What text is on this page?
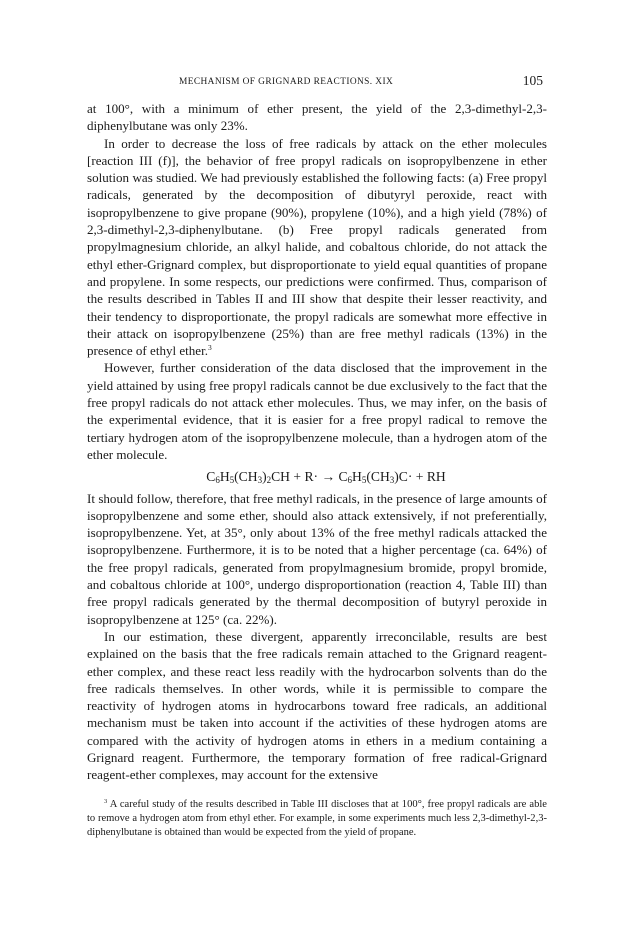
MECHANISM OF GRIGNARD REACTIONS. XIX	105

at 100°, with a minimum of ether present, the yield of the 2,3-dimethyl-2,3-diphenylbutane was only 23%.

In order to decrease the loss of free radicals by attack on the ether molecules [reaction III (f)], the behavior of free propyl radicals on isopropylbenzene in ether solution was studied. We had previously established the following facts: (a) Free propyl radicals, generated by the decomposition of dibutyryl peroxide, react with isopropylbenzene to give propane (90%), propylene (10%), and a high yield (78%) of 2,3-dimethyl-2,3-diphenylbutane. (b) Free propyl radicals generated from propylmagnesium chloride, an alkyl halide, and cobaltous chloride, do not attack the ethyl ether-Grignard complex, but disproportionate to yield equal quantities of propane and propylene. In some respects, our predictions were confirmed. Thus, comparison of the results described in Tables II and III show that despite their lesser reactivity, and their tendency to disproportionate, the propyl radicals are somewhat more effective in their attack on isopropylbenzene (25%) than are free methyl radicals (13%) in the presence of ethyl ether.$^3$

However, further consideration of the data disclosed that the improvement in the yield attained by using free propyl radicals cannot be due exclusively to the fact that the free propyl radicals do not attack ether molecules. Thus, we may infer, on the basis of the experimental evidence, that it is easier for a free propyl radical to remove the tertiary hydrogen atom of the isopropylbenzene molecule, than a hydrogen atom of the ether molecule.

$C_6H_5(CH_3)_2CH + R\cdot \to C_6H_5(CH_3)C\cdot$ + RH

It should follow, therefore, that free methyl radicals, in the presence of large amounts of isopropylbenzene and some ether, should also attack extensively, if not preferentially, isopropylbenzene. Yet, at 35°, only about 13% of the free methyl radicals attacked the isopropylbenzene. Furthermore, it is to be noted that a higher percentage (ca. 64%) of the free propyl radicals, generated from propylmagnesium bromide, propyl bromide, and cobaltous chloride at 100°, undergo disproportionation (reaction 4, Table III) than free propyl radicals generated by the thermal decomposition of butyryl peroxide in isopropylbenzene at 125° (ca. 22%).

In our estimation, these divergent, apparently irreconcilable, results are best explained on the basis that the free radicals remain attached to the Grignard reagent-ether complex, and these react less readily with the hydrocarbon solvents than do the free radicals themselves. In other words, while it is permissible to compare the reactivity of hydrogen atoms in hydrocarbons toward free radicals, an additional mechanism must be taken into account if the activities of these hydrogen atoms are compared with the activity of hydrogen atoms in ethers in a medium containing a Grignard reagent. Furthermore, the temporary formation of free radical-Grignard reagent-ether complexes, may account for the extensive

$^3$ A careful study of the results described in Table III discloses that at 100°, free propyl radicals are able to remove a hydrogen atom from ethyl ether. For example, in some experiments much less 2,3-dimethyl-2,3-diphenylbutane is obtained than would be expected from the yield of propane.
